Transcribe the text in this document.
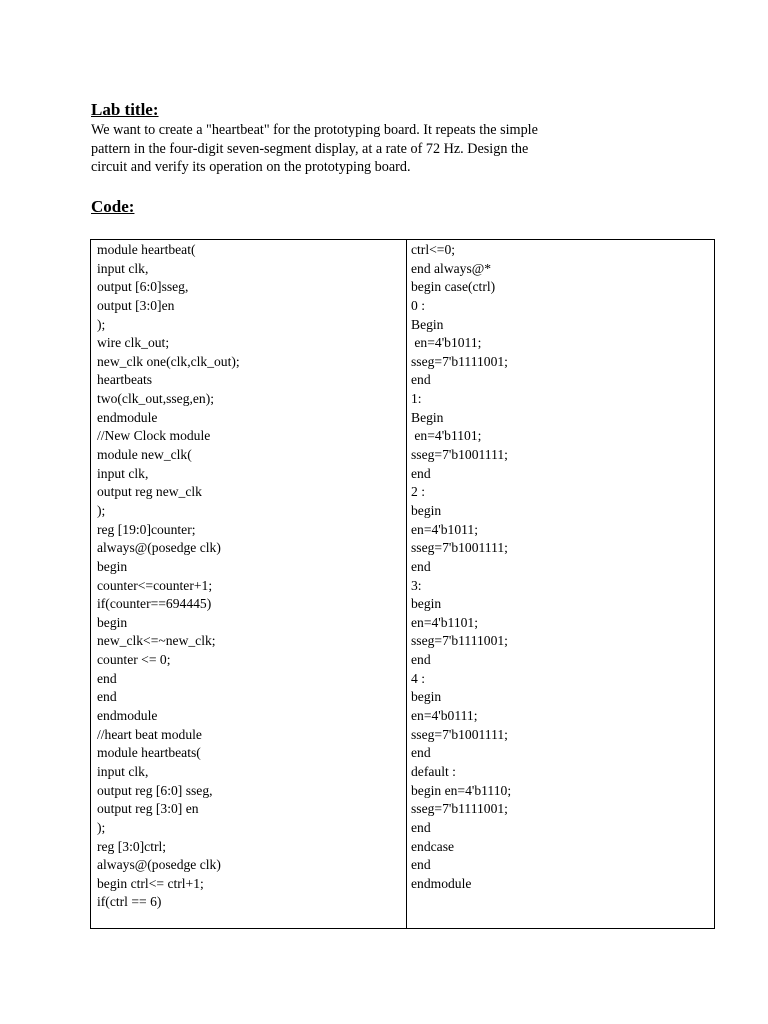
Lab title:
We want to create a "heartbeat" for the prototyping board. It repeats the simple
pattern in the four-digit seven-segment display, at a rate of 72 Hz. Design the
circuit and verify its operation on the prototyping board.
Code:
module heartbeat(
input clk,
output [6:0]sseg,
output [3:0]en
);
wire clk_out;
new_clk one(clk,clk_out);
heartbeats
two(clk_out,sseg,en);
endmodule
//New Clock module
module new_clk(
input clk,
output reg new_clk
);
reg [19:0]counter;
always@(posedge clk)
begin
counter<=counter+1;
if(counter==694445)
begin
new_clk<=~new_clk;
counter <= 0;
end
end
endmodule
//heart beat module
module heartbeats(
input clk,
output reg [6:0] sseg,
output reg [3:0] en
);
reg [3:0]ctrl;
always@(posedge clk)
begin ctrl<= ctrl+1;
if(ctrl == 6)
ctrl<=0;
end always@*
begin case(ctrl)
0 :
Begin
en=4'b1011;
sseg=7'b1111001;
end
1:
Begin
en=4'b1101;
sseg=7'b1001111;
end
2 :
begin
en=4'b1011;
sseg=7'b1001111;
end
3:
begin
en=4'b1101;
sseg=7'b1111001;
end
4 :
begin
en=4'b0111;
sseg=7'b1001111;
end
default :
begin en=4'b1110;
sseg=7'b1111001;
end
endcase
end
endmodule
